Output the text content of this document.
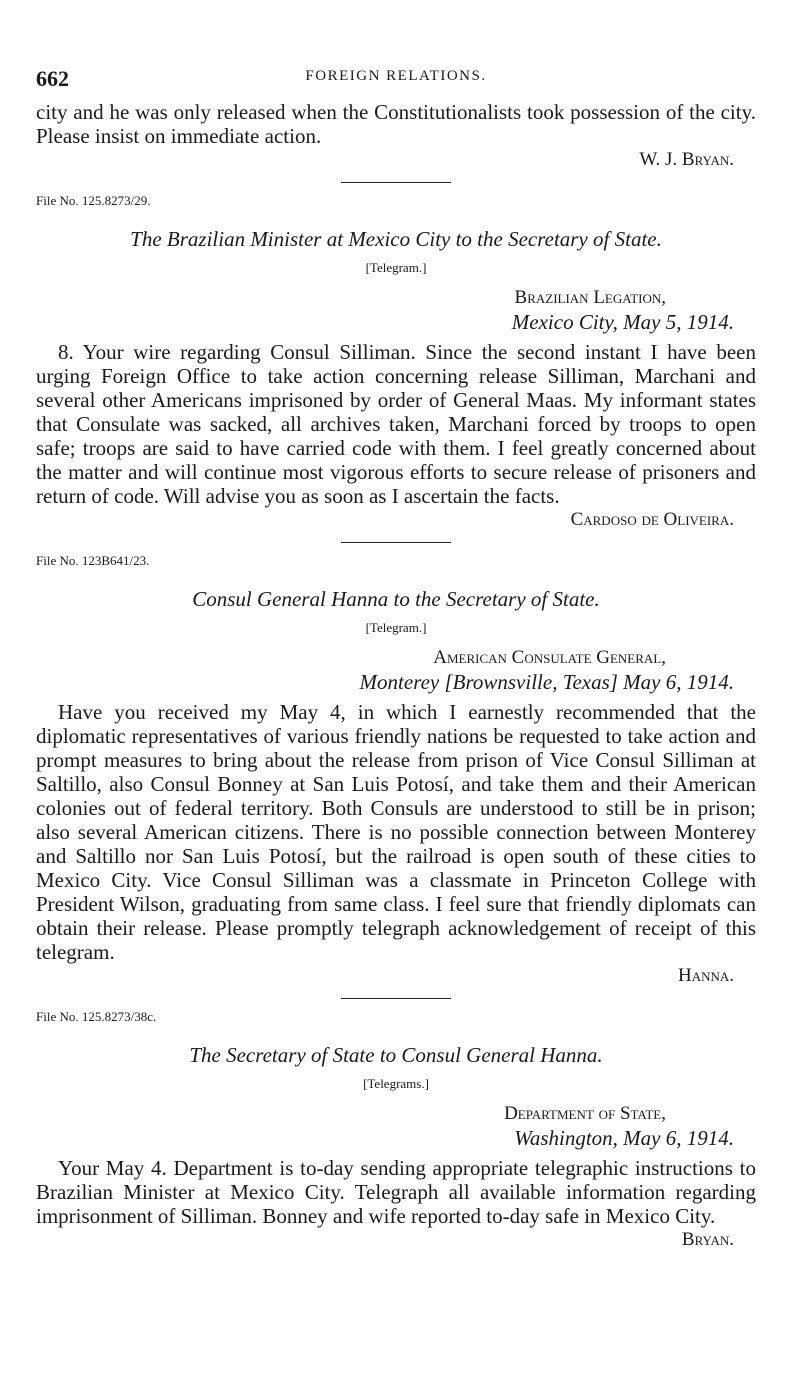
662	FOREIGN RELATIONS.

city and he was only released when the Constitutionalists took possession of the city. Please insist on immediate action.

W. J. Bryan.
File No. 125.8273/29.
The Brazilian Minister at Mexico City to the Secretary of State.
[Telegram.]
Brazilian Legation,
Mexico City, May 5, 1914.

8. Your wire regarding Consul Silliman. Since the second instant I have been urging Foreign Office to take action concerning release Silliman, Marchani and several other Americans imprisoned by order of General Maas. My informant states that Consulate was sacked, all archives taken, Marchani forced by troops to open safe; troops are said to have carried code with them. I feel greatly concerned about the matter and will continue most vigorous efforts to secure release of prisoners and return of code. Will advise you as soon as I ascertain the facts.

Cardoso de Oliveira.
File No. 123B641/23.
Consul General Hanna to the Secretary of State.
[Telegram.]
American Consulate General,
Monterey [Brownsville, Texas] May 6, 1914.

Have you received my May 4, in which I earnestly recommended that the diplomatic representatives of various friendly nations be requested to take action and prompt measures to bring about the release from prison of Vice Consul Silliman at Saltillo, also Consul Bonney at San Luis Potosí, and take them and their American colonies out of federal territory. Both Consuls are understood to still be in prison; also several American citizens. There is no possible connection between Monterey and Saltillo nor San Luis Potosí, but the railroad is open south of these cities to Mexico City. Vice Consul Silliman was a classmate in Princeton College with President Wilson, graduating from same class. I feel sure that friendly diplomats can obtain their release. Please promptly telegraph acknowledgement of receipt of this telegram.

Hanna.
File No. 125.8273/38c.
The Secretary of State to Consul General Hanna.
[Telegrams.]
Department of State,
Washington, May 6, 1914.

Your May 4. Department is to-day sending appropriate telegraphic instructions to Brazilian Minister at Mexico City. Telegraph all available information regarding imprisonment of Silliman. Bonney and wife reported to-day safe in Mexico City.

Bryan.
